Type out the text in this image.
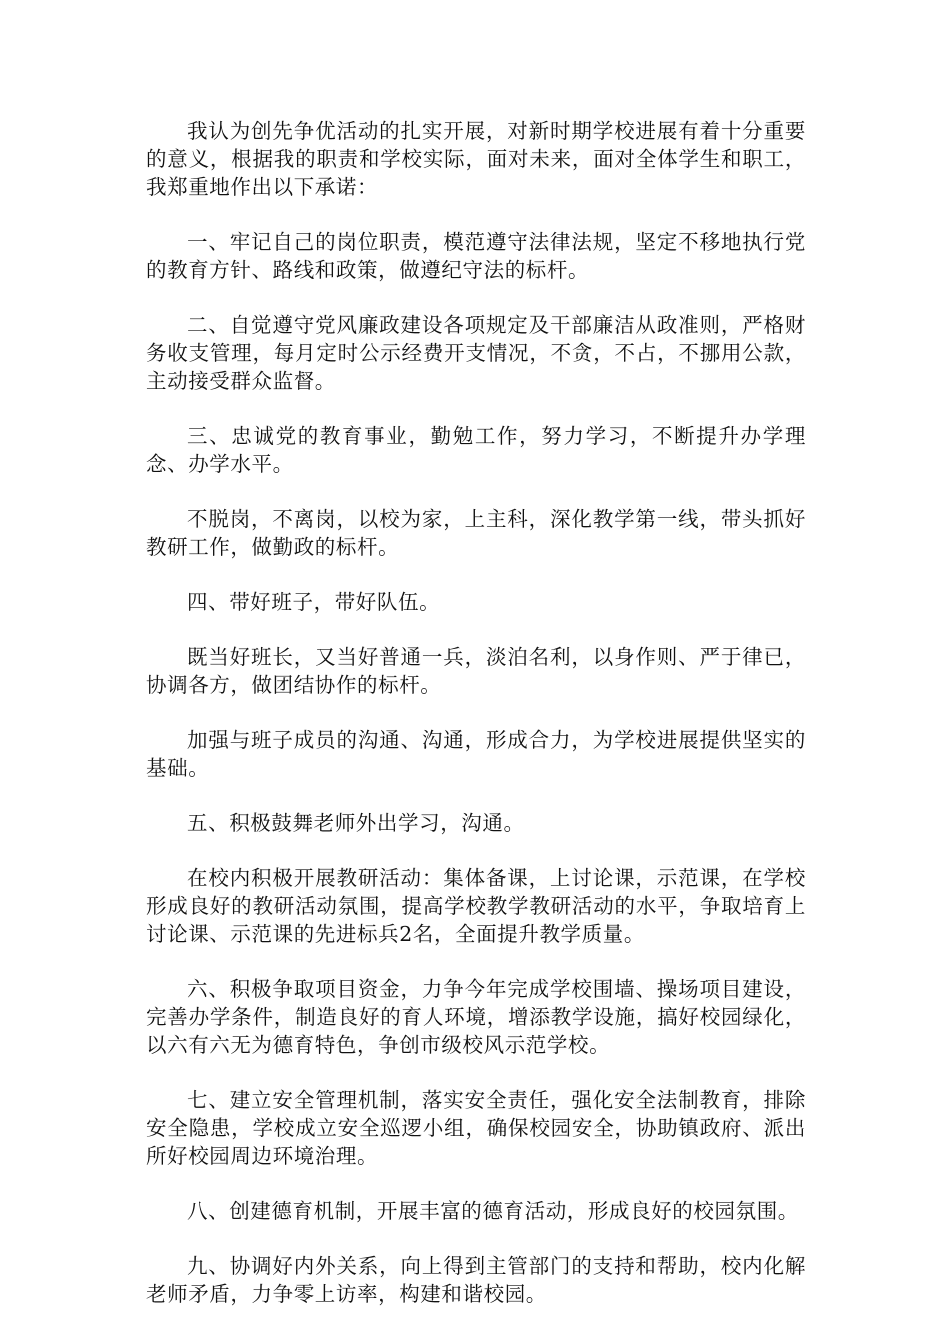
我认为创先争优活动的扎实开展，对新时期学校进展有着十分重要的意义，根据我的职责和学校实际，面对未来，面对全体学生和职工，我郑重地作出以下承诺：

一、牢记自己的岗位职责，模范遵守法律法规，坚定不移地执行党的教育方针、路线和政策，做遵纪守法的标杆。

二、自觉遵守党风廉政建设各项规定及干部廉洁从政准则，严格财务收支管理，每月定时公示经费开支情况，不贪，不占，不挪用公款，主动接受群众监督。

三、忠诚党的教育事业，勤勉工作，努力学习，不断提升办学理念、办学水平。

不脱岗，不离岗，以校为家，上主科，深化教学第一线，带头抓好教研工作，做勤政的标杆。

四、带好班子，带好队伍。

既当好班长，又当好普通一兵，淡泊名利，以身作则、严于律已，协调各方，做团结协作的标杆。

加强与班子成员的沟通、沟通，形成合力，为学校进展提供坚实的基础。

五、积极鼓舞老师外出学习，沟通。

在校内积极开展教研活动：集体备课，上讨论课，示范课，在学校形成良好的教研活动氛围，提高学校教学教研活动的水平，争取培育上讨论课、示范课的先进标兵2名，全面提升教学质量。

六、积极争取项目资金，力争今年完成学校围墙、操场项目建设， 完善办学条件，制造良好的育人环境，增添教学设施，搞好校园绿化，以六有六无为德育特色，争创市级校风示范学校。

七、建立安全管理机制，落实安全责任，强化安全法制教育，排除安全隐患，学校成立安全巡逻小组，确保校园安全，协助镇政府、派出所好校园周边环境治理。

八、创建德育机制，开展丰富的德育活动，形成良好的校园氛围。

九、协调好内外关系，向上得到主管部门的支持和帮助，校内化解老师矛盾，力争零上访率，构建和谐校园。
